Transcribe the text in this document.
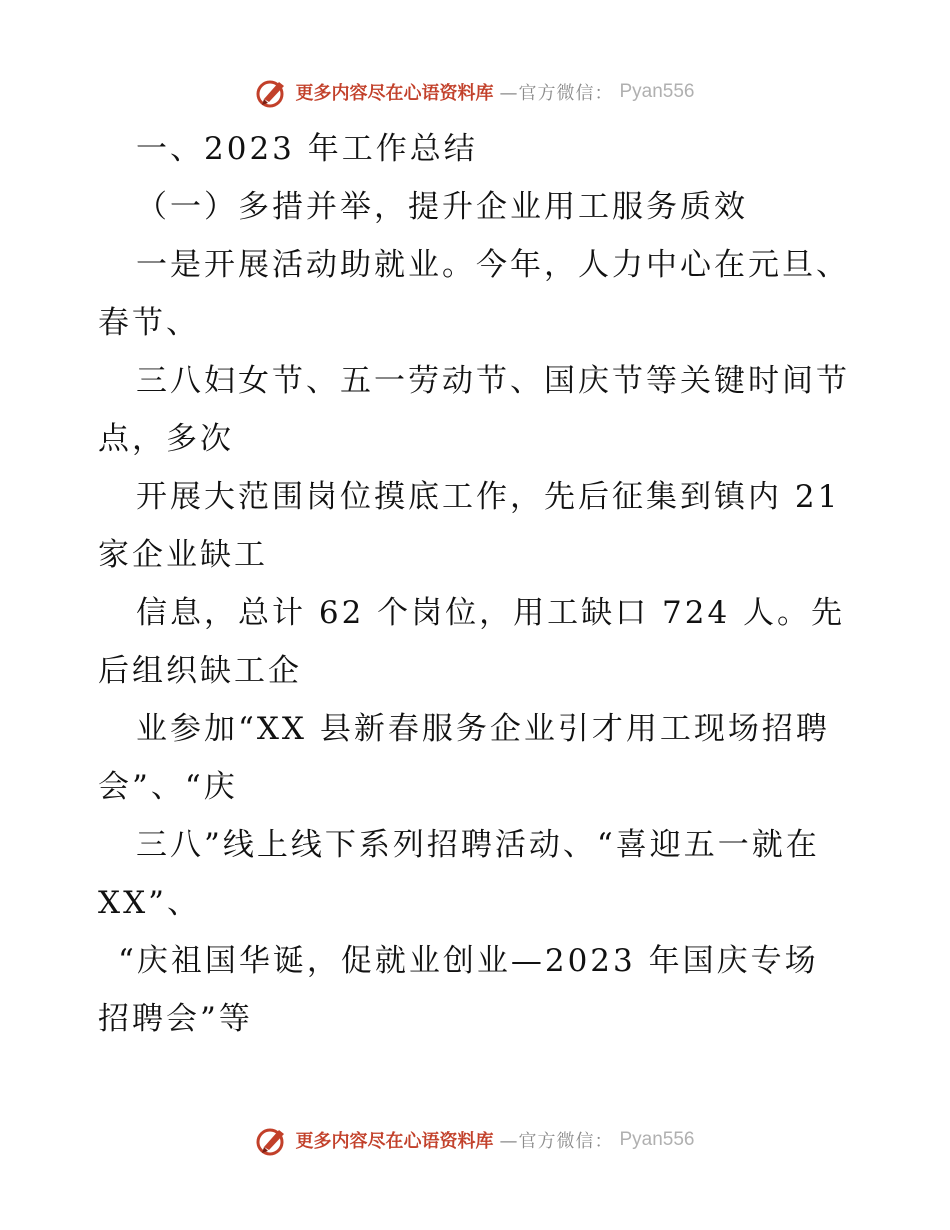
更多内容尽在心语资料库 —官方微信： Pyan556
一、2023 年工作总结
（一）多措并举，提升企业用工服务质效
一是开展活动助就业。今年，人力中心在元旦、
春节、
三八妇女节、五一劳动节、国庆节等关键时间节
点，多次
开展大范围岗位摸底工作，先后征集到镇内 21
家企业缺工
信息，总计 62 个岗位，用工缺口 724 人。先
后组织缺工企
业参加“XX 县新春服务企业引才用工现场招聘
会”、“庆
三八”线上线下系列招聘活动、“喜迎五一就在
XX”、
“庆祖国华诞，促就业创业—2023 年国庆专场
招聘会”等
更多内容尽在心语资料库 —官方微信： Pyan556
